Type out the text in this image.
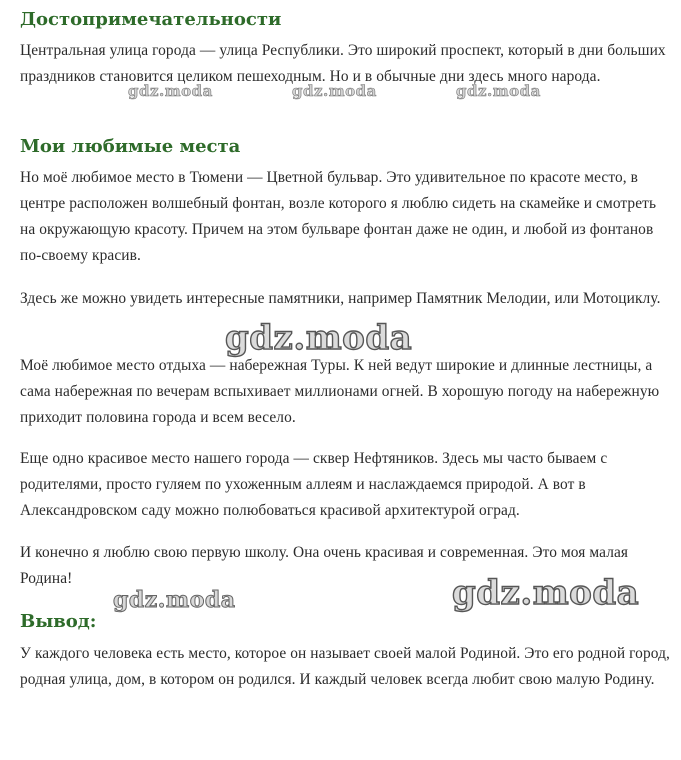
Достопримечательности

Центральная улица города — улица Республики. Это широкий проспект, который в дни больших праздников становится целиком пешеходным. Но и в обычные дни здесь много народа.

Мои любимые места

Но моё любимое место в Тюмени — Цветной бульвар. Это удивительное по красоте место, в центре расположен волшебный фонтан, возле которого я люблю сидеть на скамейке и смотреть на окружающую красоту. Причем на этом бульваре фонтан даже не один, и любой из фонтанов по-своему красив.

Здесь же можно увидеть интересные памятники, например Памятник Мелодии, или Мотоциклу.

Моё любимое место отдыха — набережная Туры. К ней ведут широкие и длинные лестницы, а сама набережная по вечерам вспыхивает миллионами огней. В хорошую погоду на набережную приходит половина города и всем весело.

Еще одно красивое место нашего города — сквер Нефтяников. Здесь мы часто бываем с родителями, просто гуляем по ухоженным аллеям и наслаждаемся природой. А вот в Александровском саду можно полюбоваться красивой архитектурой оград.

И конечно я люблю свою первую школу. Она очень красивая и современная. Это моя малая Родина!

Вывод:

У каждого человека есть место, которое он называет своей малой Родиной. Это его родной город, родная улица, дом, в котором он родился. И каждый человек всегда любит свою малую Родину.

gdz.moda	gdz.moda	gdz.moda
gdz.moda
gdz.moda	gdz.moda
